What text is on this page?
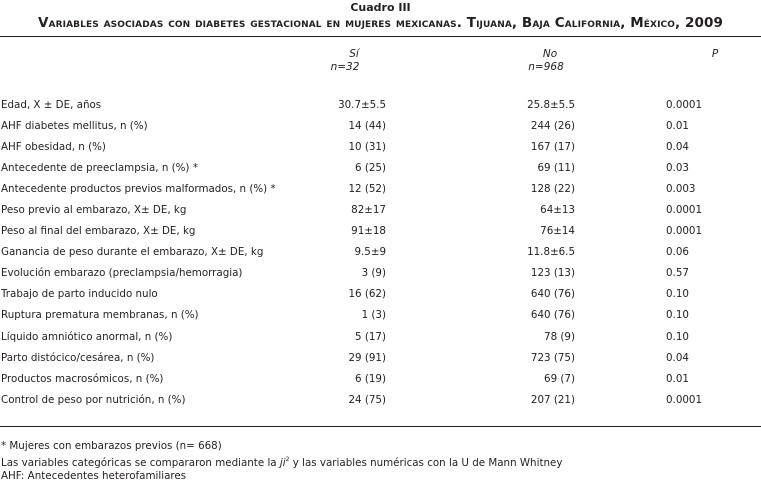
Cuadro III
Variables asociadas con diabetes gestacional en mujeres mexicanas. Tijuana, Baja California, México, 2009
Sí
n=32
No
n=968
P
Edad, X ± DE, años	30.7±5.5		25.8±5.5		0.0001
AHF diabetes mellitus, n (%)	14 (44)		244 (26)		0.01
AHF obesidad, n (%)	10 (31)		167 (17)		0.04
Antecedente de preeclampsia, n (%) *	6 (25)		69 (11)		0.03
Antecedente productos previos malformados, n (%) *	12 (52)		128 (22)		0.003
Peso previo al embarazo, X± DE, kg	82±17		64±13		0.0001
Peso al final del embarazo, X± DE, kg	91±18		76±14		0.0001
Ganancia de peso durante el embarazo, X± DE, kg	9.5±9		11.8±6.5		0.06
Evolución embarazo (preclampsia/hemorragia)	3 (9)		123 (13)		0.57
Trabajo de parto inducido nulo	16 (62)		640 (76)		0.10
Ruptura prematura membranas, n (%)	1 (3)		640 (76)		0.10
Líquido amniótico anormal, n (%)	5 (17)		78 (9)		0.10
Parto distócico/cesárea, n (%)	29 (91)		723 (75)		0.04
Productos macrosómicos, n (%)	6 (19)		69 (7)		0.01
Control de peso por nutrición, n (%)	24 (75)		207 (21)		0.0001
* Mujeres con embarazos previos (n= 668)
Las variables categóricas se compararon mediante la $ji^2$ y las variables numéricas con la U de Mann Whitney
AHF: Antecedentes heterofamiliares
